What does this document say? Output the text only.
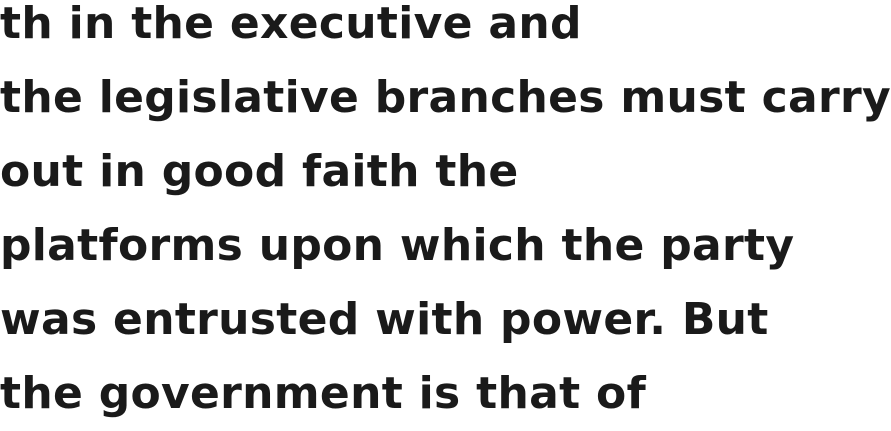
th in the executive and
the legislative branches must carry
out in good faith the
platforms upon which the party
was entrusted with power. But
the government is that of
